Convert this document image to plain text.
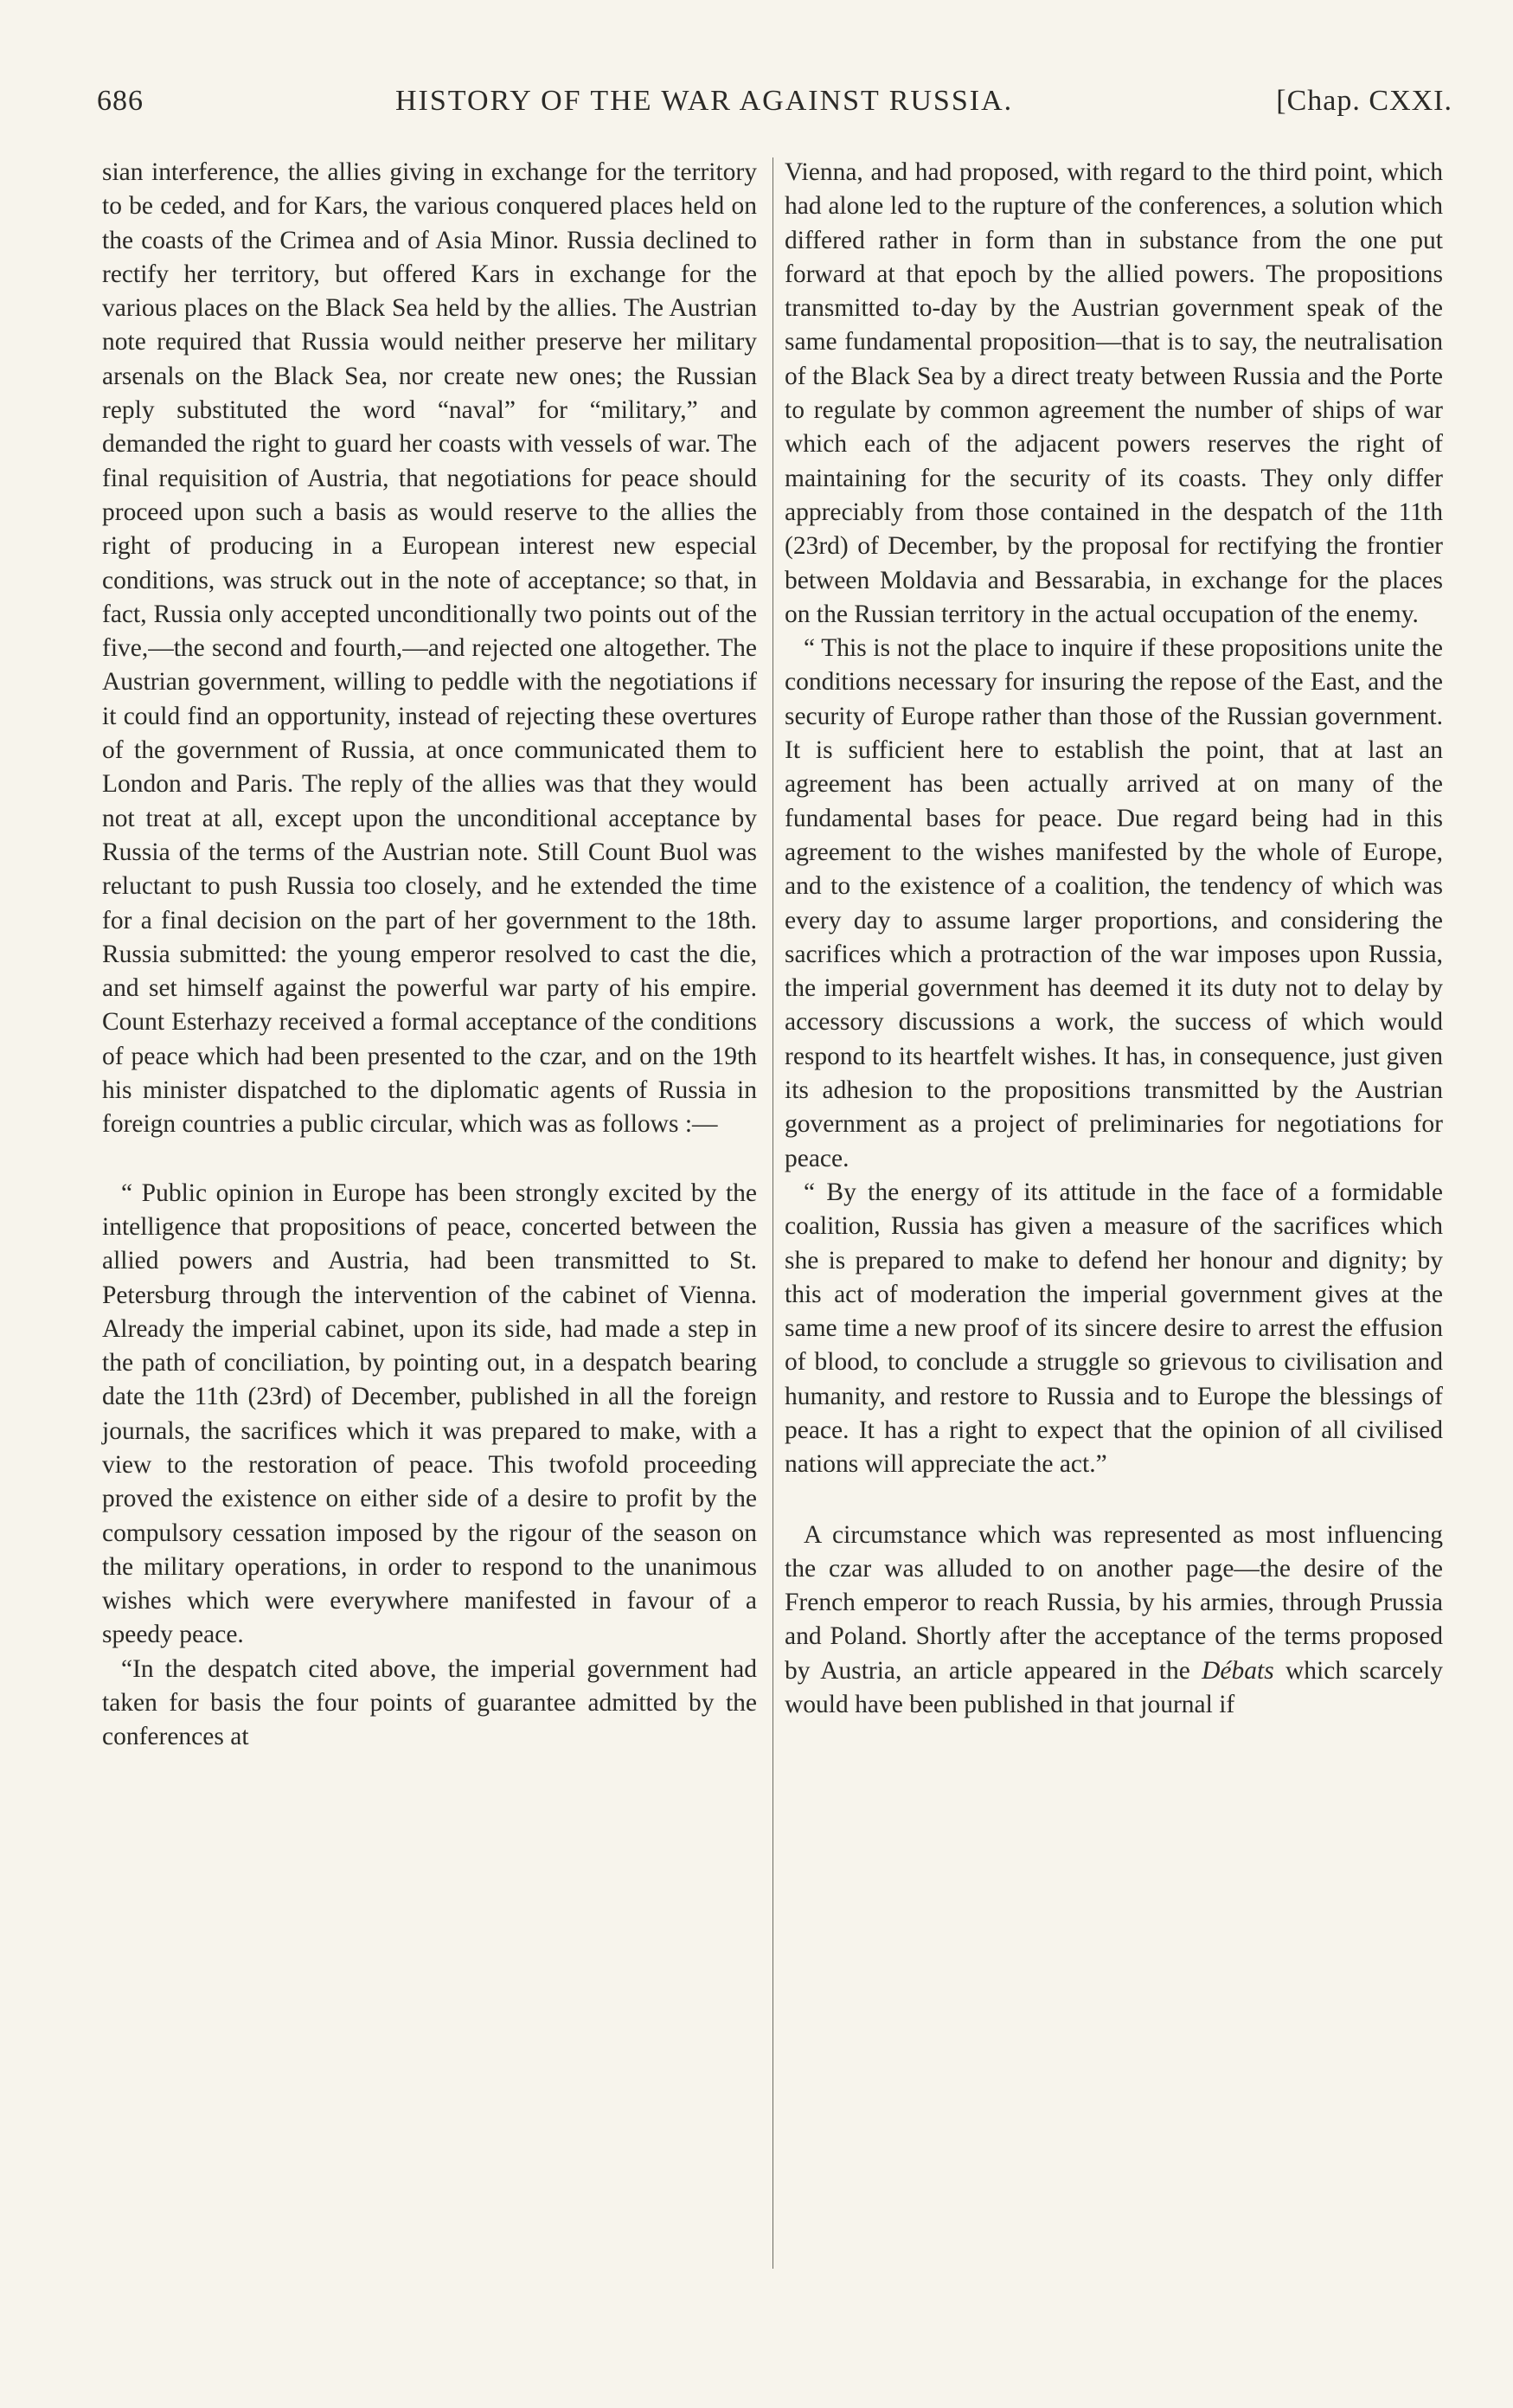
686	HISTORY OF THE WAR AGAINST RUSSIA.	[Chap. CXXI.

sian interference, the allies giving in exchange for the territory to be ceded, and for Kars, the various conquered places held on the coasts of the Crimea and of Asia Minor. Russia declined to rectify her territory, but offered Kars in exchange for the various places on the Black Sea held by the allies. The Austrian note required that Russia would neither preserve her military arsenals on the Black Sea, nor create new ones; the Russian reply substituted the word “naval” for “military,” and demanded the right to guard her coasts with vessels of war. The final requisition of Austria, that negotiations for peace should proceed upon such a basis as would reserve to the allies the right of producing in a European interest new especial conditions, was struck out in the note of acceptance; so that, in fact, Russia only accepted unconditionally two points out of the five,—the second and fourth,—and rejected one altogether. The Austrian government, willing to peddle with the negotiations if it could find an opportunity, instead of rejecting these overtures of the government of Russia, at once communicated them to London and Paris. The reply of the allies was that they would not treat at all, except upon the unconditional acceptance by Russia of the terms of the Austrian note. Still Count Buol was reluctant to push Russia too closely, and he extended the time for a final decision on the part of her government to the 18th. Russia submitted: the young emperor resolved to cast the die, and set himself against the powerful war party of his empire. Count Esterhazy received a formal acceptance of the conditions of peace which had been presented to the czar, and on the 19th his minister dispatched to the diplomatic agents of Russia in foreign countries a public circular, which was as follows :—

“ Public opinion in Europe has been strongly excited by the intelligence that propositions of peace, concerted between the allied powers and Austria, had been transmitted to St. Petersburg through the intervention of the cabinet of Vienna. Already the imperial cabinet, upon its side, had made a step in the path of conciliation, by pointing out, in a despatch bearing date the 11th (23rd) of December, published in all the foreign journals, the sacrifices which it was prepared to make, with a view to the restoration of peace. This twofold proceeding proved the existence on either side of a desire to profit by the compulsory cessation imposed by the rigour of the season on the military operations, in order to respond to the unanimous wishes which were everywhere manifested in favour of a speedy peace.

“In the despatch cited above, the imperial government had taken for basis the four points of guarantee admitted by the conferences at

Vienna, and had proposed, with regard to the third point, which had alone led to the rupture of the conferences, a solution which differed rather in form than in substance from the one put forward at that epoch by the allied powers. The propositions transmitted to-day by the Austrian government speak of the same fundamental proposition—that is to say, the neutralisation of the Black Sea by a direct treaty between Russia and the Porte to regulate by common agreement the number of ships of war which each of the adjacent powers reserves the right of maintaining for the security of its coasts. They only differ appreciably from those contained in the despatch of the 11th (23rd) of December, by the proposal for rectifying the frontier between Moldavia and Bessarabia, in exchange for the places on the Russian territory in the actual occupation of the enemy.

“ This is not the place to inquire if these propositions unite the conditions necessary for insuring the repose of the East, and the security of Europe rather than those of the Russian government. It is sufficient here to establish the point, that at last an agreement has been actually arrived at on many of the fundamental bases for peace. Due regard being had in this agreement to the wishes manifested by the whole of Europe, and to the existence of a coalition, the tendency of which was every day to assume larger proportions, and considering the sacrifices which a protraction of the war imposes upon Russia, the imperial government has deemed it its duty not to delay by accessory discussions a work, the success of which would respond to its heartfelt wishes. It has, in consequence, just given its adhesion to the propositions transmitted by the Austrian government as a project of preliminaries for negotiations for peace.

“ By the energy of its attitude in the face of a formidable coalition, Russia has given a measure of the sacrifices which she is prepared to make to defend her honour and dignity; by this act of moderation the imperial government gives at the same time a new proof of its sincere desire to arrest the effusion of blood, to conclude a struggle so grievous to civilisation and humanity, and restore to Russia and to Europe the blessings of peace. It has a right to expect that the opinion of all civilised nations will appreciate the act.”

A circumstance which was represented as most influencing the czar was alluded to on another page—the desire of the French emperor to reach Russia, by his armies, through Prussia and Poland. Shortly after the acceptance of the terms proposed by Austria, an article appeared in the Débats which scarcely would have been published in that journal if
